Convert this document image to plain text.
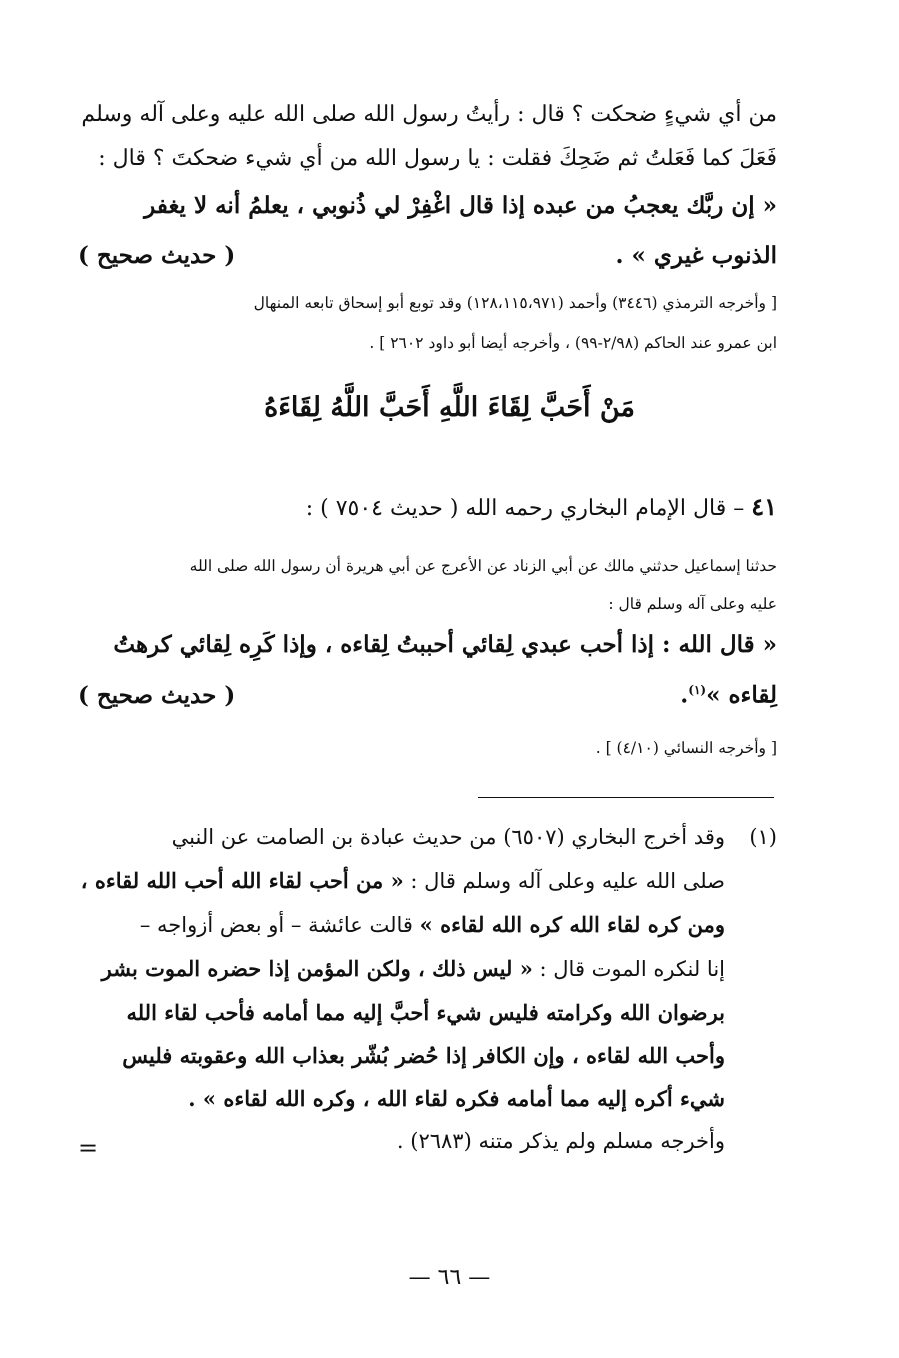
من أي شيءٍ ضحكت ؟ قال : رأيتُ رسول الله صلى الله عليه وعلى آله وسلم
فَعَلَ كما فَعَلتُ ثم ضَحِكَ فقلت : يا رسول الله من أي شيء ضحكتَ ؟ قال :
« إن ربَّك يعجبُ من عبده إذا قال اغْفِرْ لي ذُنوبي ، يعلمُ أنه لا يغفر
الذنوب غيري » .
( حديث صحيح )
[ وأخرجه الترمذي (٣٤٤٦) وأحمد (١٢٨،١١٥،٩٧١) وقد توبع أبو إسحاق تابعه المنهال
ابن عمرو عند الحاكم (٢/٩٨-٩٩) ، وأخرجه أيضا أبو داود ٢٦٠٢ ] .
مَنْ أَحَبَّ لِقَاءَ اللَّهِ أَحَبَّ اللَّهُ لِقَاءَهُ
٤١ – قال الإمام البخاري رحمه الله ( حديث ٧٥٠٤ ) :
حدثنا إسماعيل حدثني مالك عن أبي الزناد عن الأعرج عن أبي هريرة أن رسول الله صلى الله
عليه وعلى آله وسلم قال :
« قال الله : إذا أحب عبدي لِقائي أحببتُ لِقاءه ، وإذا كَرِه لِقائي كرهتُ
لِقاءه »$^{(١)}$.
( حديث صحيح )
[ وأخرجه النسائي (٤/١٠) ] .
(١)وقد أخرج البخاري (٦٥٠٧) من حديث عبادة بن الصامت عن النبي
صلى الله عليه وعلى آله وسلم قال : « من أحب لقاء الله أحب الله لقاءه ،
ومن كره لقاء الله كره الله لقاءه » قالت عائشة – أو بعض أزواجه –
إنا لنكره الموت قال : « ليس ذلك ، ولكن المؤمن إذا حضره الموت بشر
برضوان الله وكرامته فليس شيء أحبَّ إليه مما أمامه فأحب لقاء الله
وأحب الله لقاءه ، وإن الكافر إذا حُضر بُشّر بعذاب الله وعقوبته فليس
شيء أكره إليه مما أمامه فكره لقاء الله ، وكره الله لقاءه » .
وأخرجه مسلم ولم يذكر متنه (٢٦٨٣) .
=
— ٦٦ —
